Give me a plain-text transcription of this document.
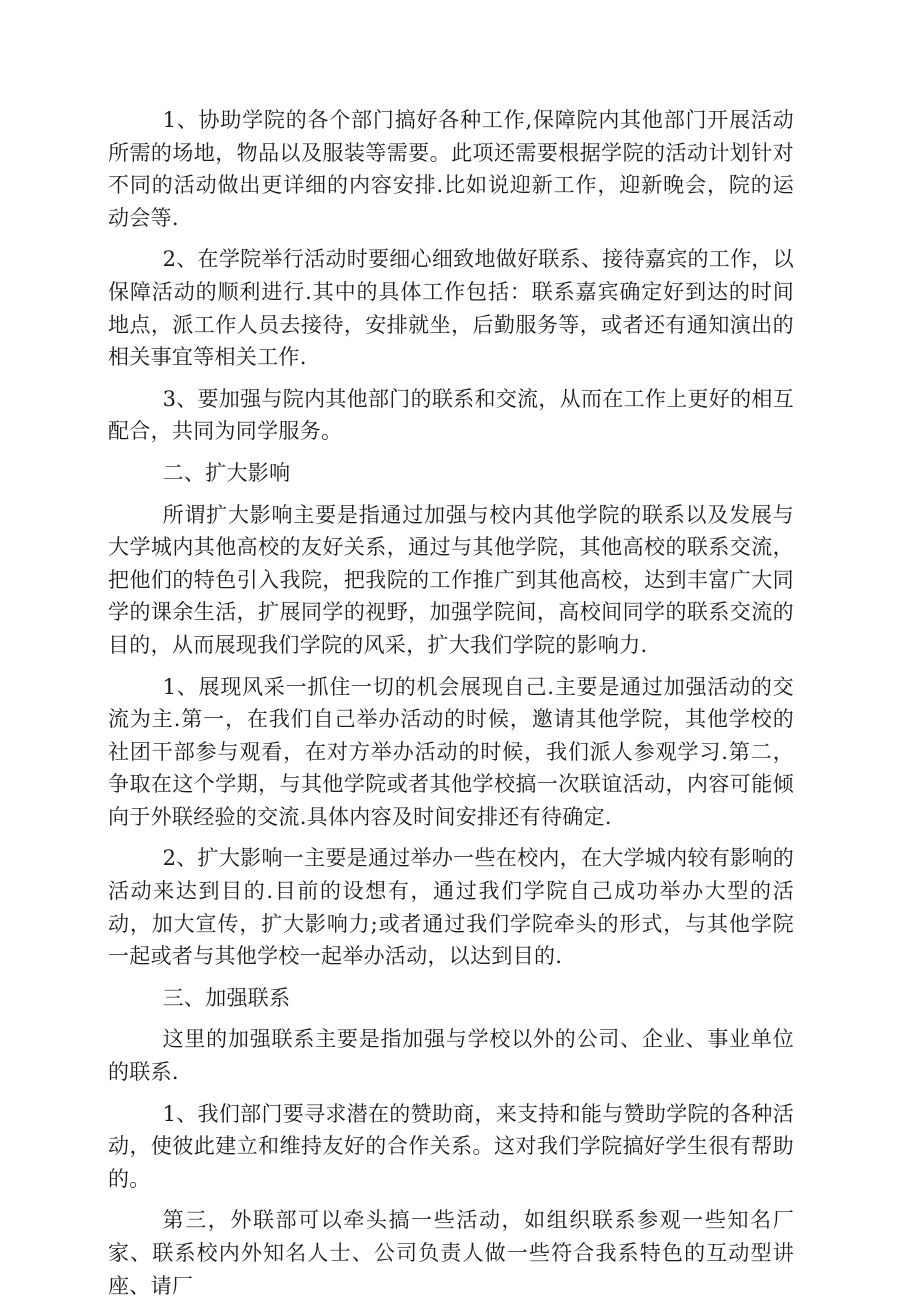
1、协助学院的各个部门搞好各种工作,保障院内其他部门开展活动所需的场地，物品以及服装等需要。此项还需要根据学院的活动计划针对不同的活动做出更详细的内容安排.比如说迎新工作，迎新晚会，院的运动会等.

2、在学院举行活动时要细心细致地做好联系、接待嘉宾的工作，以保障活动的顺利进行.其中的具体工作包括：联系嘉宾确定好到达的时间地点，派工作人员去接待，安排就坐，后勤服务等，或者还有通知演出的相关事宜等相关工作.

3、要加强与院内其他部门的联系和交流，从而在工作上更好的相互配合，共同为同学服务。

二、扩大影响

所谓扩大影响主要是指通过加强与校内其他学院的联系以及发展与大学城内其他高校的友好关系，通过与其他学院，其他高校的联系交流，把他们的特色引入我院，把我院的工作推广到其他高校，达到丰富广大同学的课余生活，扩展同学的视野，加强学院间，高校间同学的联系交流的目的，从而展现我们学院的风采，扩大我们学院的影响力.

1、展现风采一抓住一切的机会展现自己.主要是通过加强活动的交流为主.第一，在我们自己举办活动的时候，邀请其他学院，其他学校的社团干部参与观看，在对方举办活动的时候，我们派人参观学习.第二，争取在这个学期，与其他学院或者其他学校搞一次联谊活动，内容可能倾向于外联经验的交流.具体内容及时间安排还有待确定.

2、扩大影响一主要是通过举办一些在校内，在大学城内较有影响的活动来达到目的.目前的设想有，通过我们学院自己成功举办大型的活动，加大宣传，扩大影响力;或者通过我们学院牵头的形式，与其他学院一起或者与其他学校一起举办活动，以达到目的.

三、加强联系

这里的加强联系主要是指加强与学校以外的公司、企业、事业单位的联系.

1、我们部门要寻求潜在的赞助商，来支持和能与赞助学院的各种活动，使彼此建立和维持友好的合作关系。这对我们学院搞好学生很有帮助的。

第三，外联部可以牵头搞一些活动，如组织联系参观一些知名厂家、联系校内外知名人士、公司负责人做一些符合我系特色的互动型讲座、请厂
